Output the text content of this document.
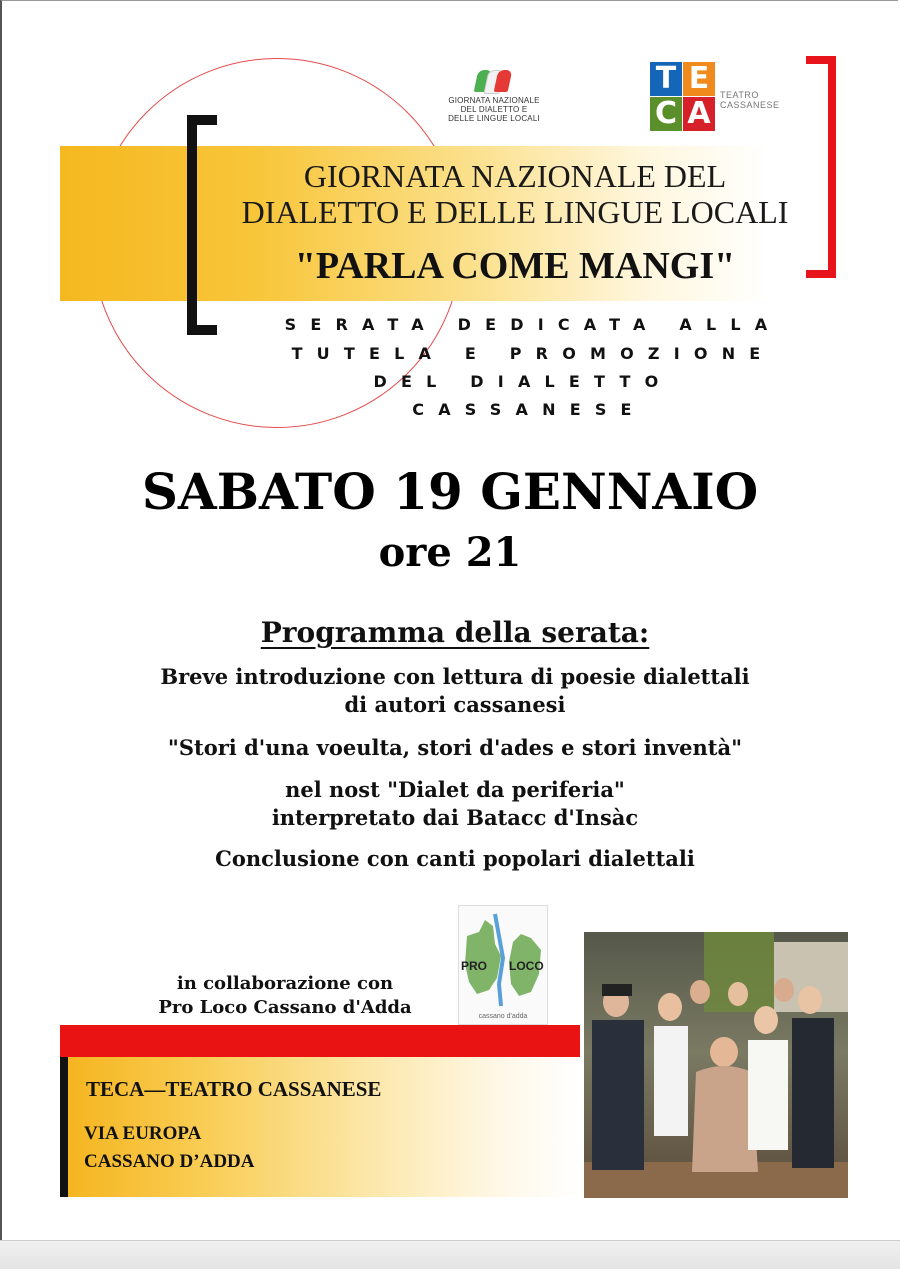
GIORNATA NAZIONALE
DEL DIALETTO E
DELLE LINGUE LOCALI
T E
C A
TEATRO
CASSANESE
GIORNATA NAZIONALE DEL
DIALETTO E DELLE LINGUE LOCALI
"PARLA COME MANGI"
SERATA DEDICATA ALLA
TUTELA E PROMOZIONE
DEL DIALETTO
CASSANESE
SABATO 19 GENNAIO
ore 21
Programma della serata:
Breve introduzione con lettura di poesie dialettali
di autori cassanesi
"Stori d'una voeulta, stori d'ades e stori inventà"
nel nost "Dialet da periferia"
interpretato dai Batacc d'Insàc
Conclusione con canti popolari dialettali
PRO LOCO
cassano d'adda
in collaborazione con
Pro Loco Cassano d'Adda
TECA—TEATRO CASSANESE
VIA EUROPA
CASSANO D’ADDA
